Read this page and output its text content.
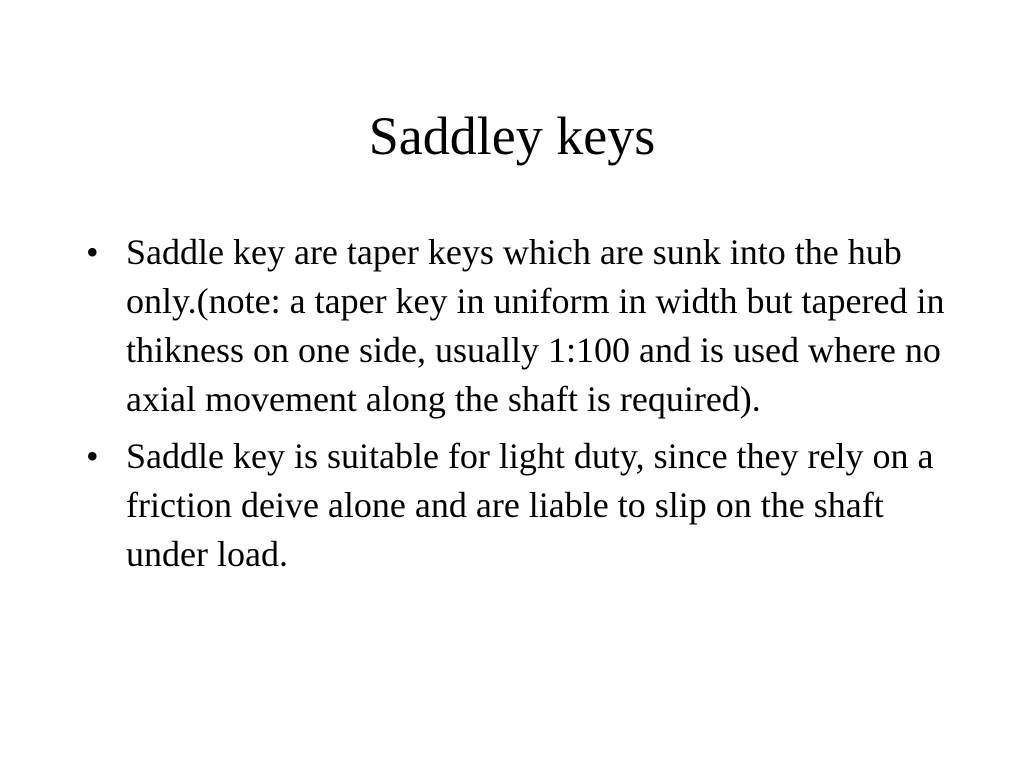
Saddley keys
• Saddle key are taper keys which are sunk into the hub only.(note: a taper key in uniform in width but tapered in thikness on one side, usually 1:100 and is used where no axial movement along the shaft is required).
• Saddle key is suitable for light duty, since they rely on a friction deive alone and are liable to slip on the shaft under load.
